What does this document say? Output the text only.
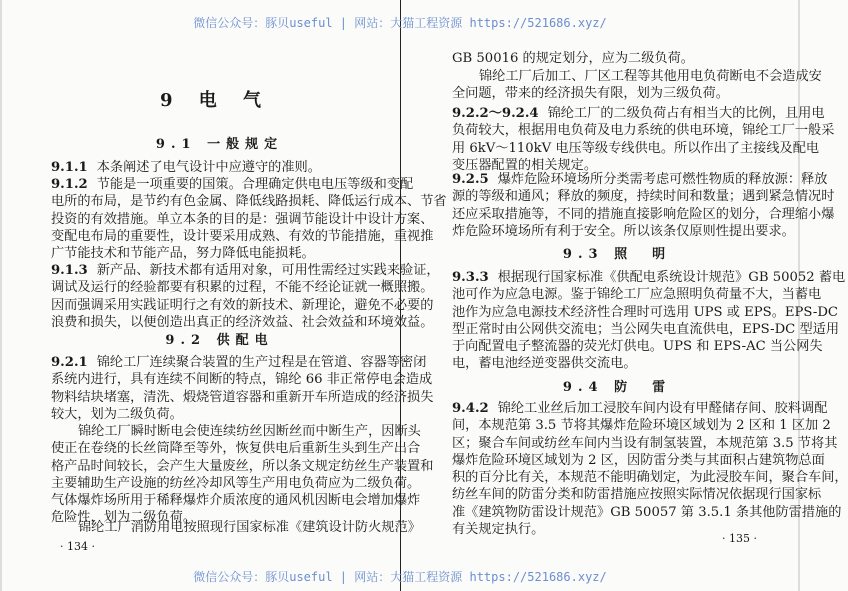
微信公众号：豚贝useful | 网站：大猫工程资源 https://521686.xyz/
微信公众号：豚贝useful | 网站：大猫工程资源 https://521686.xyz/
9 电 气
9.1 一般规定
9.2 供配电
9.1.1 本条阐述了电气设计中应遵守的准则。
9.1.2 节能是一项重要的国策。合理确定供电电压等级和变配
电所的布局，是节约有色金属、降低线路损耗、降低运行成本、节省
投资的有效措施。单立本条的目的是：强调节能设计中设计方案、
变配电布局的重要性，设计要采用成熟、有效的节能措施，重视推
广节能技术和节能产品，努力降低电能损耗。
9.1.3 新产品、新技术都有适用对象，可用性需经过实践来验证，
调试及运行的经验都要有积累的过程，不能不经论证就一概照搬。
因而强调采用实践证明行之有效的新技术、新理论，避免不必要的
浪费和损失，以便创造出真正的经济效益、社会效益和环境效益。
9.2.1 锦纶工厂连续聚合装置的生产过程是在管道、容器等密闭
系统内进行，具有连续不间断的特点，锦纶 66 非正常停电会造成
物料结块堵塞，清洗、煅烧管道容器和重新开车所造成的经济损失
较大，划为二级负荷。
锦纶工厂瞬时断电会使连续纺丝因断丝而中断生产，因断头
使正在卷绕的长丝筒降至等外，恢复供电后重新生头到生产出合
格产品时间较长，会产生大量废丝，所以条文规定纺丝生产装置和
主要辅助生产设施的纺丝冷却风等生产用电负荷应为二级负荷。
气体爆炸场所用于稀释爆炸介质浓度的通风机因断电会增加爆炸
危险性，划为二级负荷。
锦纶工厂消防用电按照现行国家标准《建筑设计防火规范》
· 134 ·
GB 50016 的规定划分，应为二级负荷。
锦纶工厂后加工、厂区工程等其他用电负荷断电不会造成安
全问题，带来的经济损失有限，划为三级负荷。
9.2.2～9.2.4 锦纶工厂的二级负荷占有相当大的比例，且用电
负荷较大，根据用电负荷及电力系统的供电环境，锦纶工厂一般采
用 6kV～110kV 电压等级专线供电。所以作出了主接线及配电
变压器配置的相关规定。
9.2.5 爆炸危险环境场所分类需考虑可燃性物质的释放源：释放
源的等级和通风；释放的频度，持续时间和数量；遇到紧急情况时
还应采取措施等，不同的措施直接影响危险区的划分，合理缩小爆
炸危险环境场所有利于安全。所以该条仅原则性提出要求。
9.3 照　明
9.3.3 根据现行国家标准《供配电系统设计规范》GB 50052 蓄电
池可作为应急电源。鉴于锦纶工厂应急照明负荷量不大，当蓄电
池作为应急电源技术经济性合理时可选用 UPS 或 EPS。EPS-DC
型正常时由公网供交流电；当公网失电直流供电，EPS-DC 型适用
于向配置电子整流器的荧光灯供电。UPS 和 EPS-AC 当公网失
电，蓄电池经逆变器供交流电。
9.4 防　雷
9.4.2 锦纶工业丝后加工浸胶车间内设有甲醛储存间、胶料调配
间，本规范第 3.5 节将其爆炸危险环境区域划为 2 区和 1 区加 2
区；聚合车间或纺丝车间内当设有制氢装置，本规范第 3.5 节将其
爆炸危险环境区域划为 2 区，因防雷分类与其面积占建筑物总面
积的百分比有关，本规范不能明确划定，为此浸胶车间，聚合车间，
纺丝车间的防雷分类和防雷措施应按照实际情况依据现行国家标
准《建筑物防雷设计规范》GB 50057 第 3.5.1 条其他防雷措施的
有关规定执行。
· 135 ·
